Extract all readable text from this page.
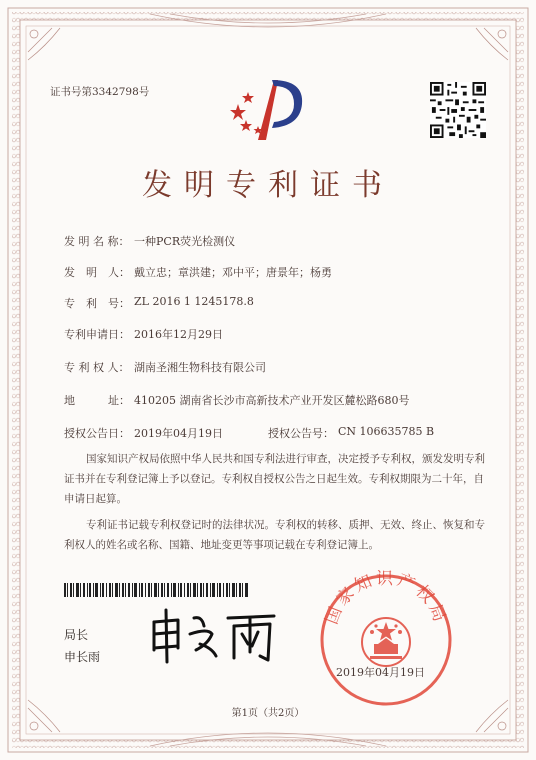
证书号第3342798号
发明专利证书
发 明 名 称： 一种PCR荧光检测仪
发　明　人： 戴立忠；章洪建；邓中平；唐景年；杨勇
专　利　号： ZL 2016 1 1245178.8
专利申请日： 2016年12月29日
专 利 权 人： 湖南圣湘生物科技有限公司
地　　　址： 410205 湖南省长沙市高新技术产业开发区麓松路680号
授权公告日： 2019年04月19日	授权公告号： CN 106635785 B
国家知识产权局依照中华人民共和国专利法进行审查，决定授予专利权，颁发发明专利
证书并在专利登记簿上予以登记。专利权自授权公告之日起生效。专利权期限为二十年，自
申请日起算。
专利证书记载专利权登记时的法律状况。专利权的转移、质押、无效、终止、恢复和专
利权人的姓名或名称、国籍、地址变更等事项记载在专利登记簿上。
局长
申长雨
国家知识产权局
2019年04月19日
第1页（共2页）
